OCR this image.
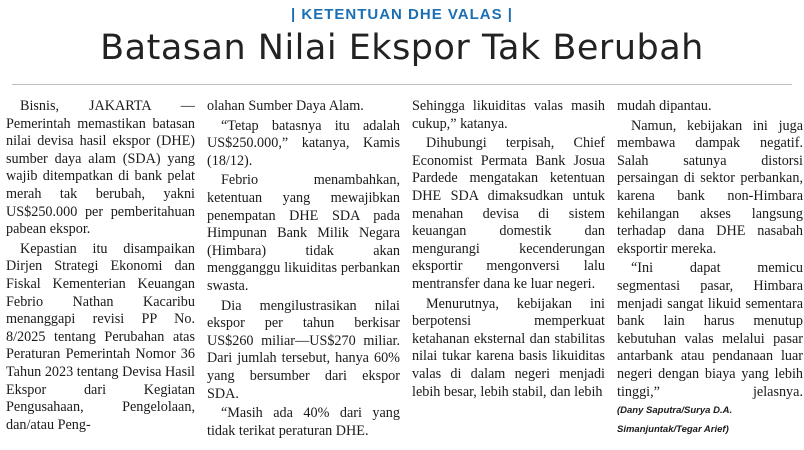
| KETENTUAN DHE VALAS |
Batasan Nilai Ekspor Tak Berubah

Bisnis, JAKARTA — Pemerintah memastikan batasan nilai devisa hasil ekspor (DHE) sumber daya alam (SDA) yang wajib ditempatkan di bank pelat merah tak berubah, yakni US$250.000 per pemberitahuan pabean ekspor.

Kepastian itu disampaikan Dirjen Strategi Ekonomi dan Fiskal Kementerian Keuangan Febrio Nathan Kacaribu menanggapi revisi PP No. 8/2025 tentang Perubahan atas Peraturan Pemerintah Nomor 36 Tahun 2023 tentang Devisa Hasil Ekspor dari Kegiatan Pengusahaan, Pengelolaan, dan/atau Peng-

olahan Sumber Daya Alam.

“Tetap batasnya itu adalah US$250.000,” katanya, Kamis (18/12).

Febrio menambahkan, ketentuan yang mewajibkan penempatan DHE SDA pada Himpunan Bank Milik Negara (Himbara) tidak akan mengganggu likuiditas perbankan swasta.

Dia mengilustrasikan nilai ekspor per tahun berkisar US$260 miliar—US$270 miliar. Dari jumlah tersebut, hanya 60% yang bersumber dari ekspor SDA.

“Masih ada 40% dari yang tidak terikat peraturan DHE.

Sehingga likuiditas valas masih cukup,” katanya.

Dihubungi terpisah, Chief Economist Permata Bank Josua Pardede mengatakan ketentuan DHE SDA dimaksudkan untuk menahan devisa di sistem keuangan domestik dan mengurangi kecenderungan eksportir mengonversi lalu mentransfer dana ke luar negeri.

Menurutnya, kebijakan ini berpotensi memperkuat ketahanan eksternal dan stabilitas nilai tukar karena basis likuiditas valas di dalam negeri menjadi lebih besar, lebih stabil, dan lebih

mudah dipantau.

Namun, kebijakan ini juga membawa dampak negatif. Salah satunya distorsi persaingan di sektor perbankan, karena bank non-Himbara kehilangan akses langsung terhadap dana DHE nasabah eksportir mereka.

“Ini dapat memicu segmentasi pasar, Himbara menjadi sangat likuid sementara bank lain harus menutup kebutuhan valas melalui pasar antarbank atau pendanaan luar negeri dengan biaya yang lebih tinggi,” jelasnya. (Dany Saputra/Surya D.A.
Simanjuntak/Tegar Arief)
